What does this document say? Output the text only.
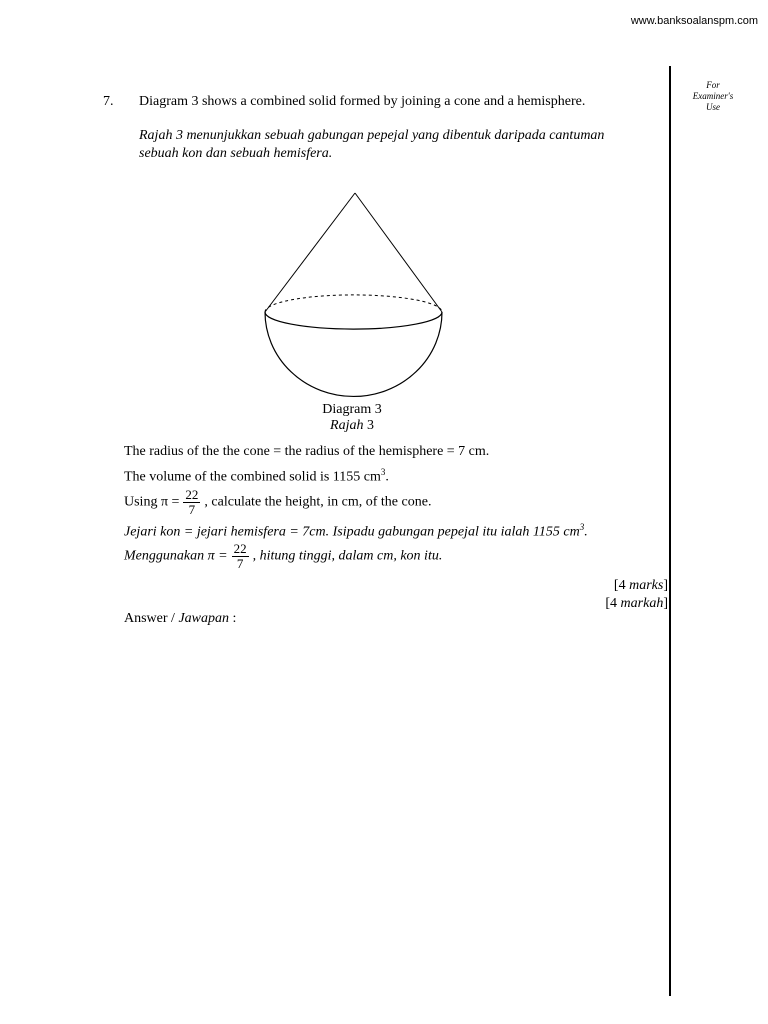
www.banksoalanspm.com
For
Examiner's
Use
7. Diagram 3 shows a combined solid formed by joining a cone and a hemisphere.
Rajah 3 menunjukkan sebuah gabungan pepejal yang dibentuk daripada cantuman
sebuah kon dan sebuah hemisfera.
Diagram 3
Rajah 3
The radius of the the cone = the radius of the hemisphere = 7 cm.
The volume of the combined solid is 1155 $cm^3$.
Using $\pi = \frac{22}{7}$ , calculate the height, in cm, of the cone.
Jejari kon = jejari hemisfera = 7cm. Isipadu gabungan pepejal itu ialah 1155 $cm^3$.
Menggunakan $\pi = \frac{22}{7}$ , hitung tinggi, dalam cm, kon itu.
[4 marks]
[4 markah]
Answer / Jawapan :
